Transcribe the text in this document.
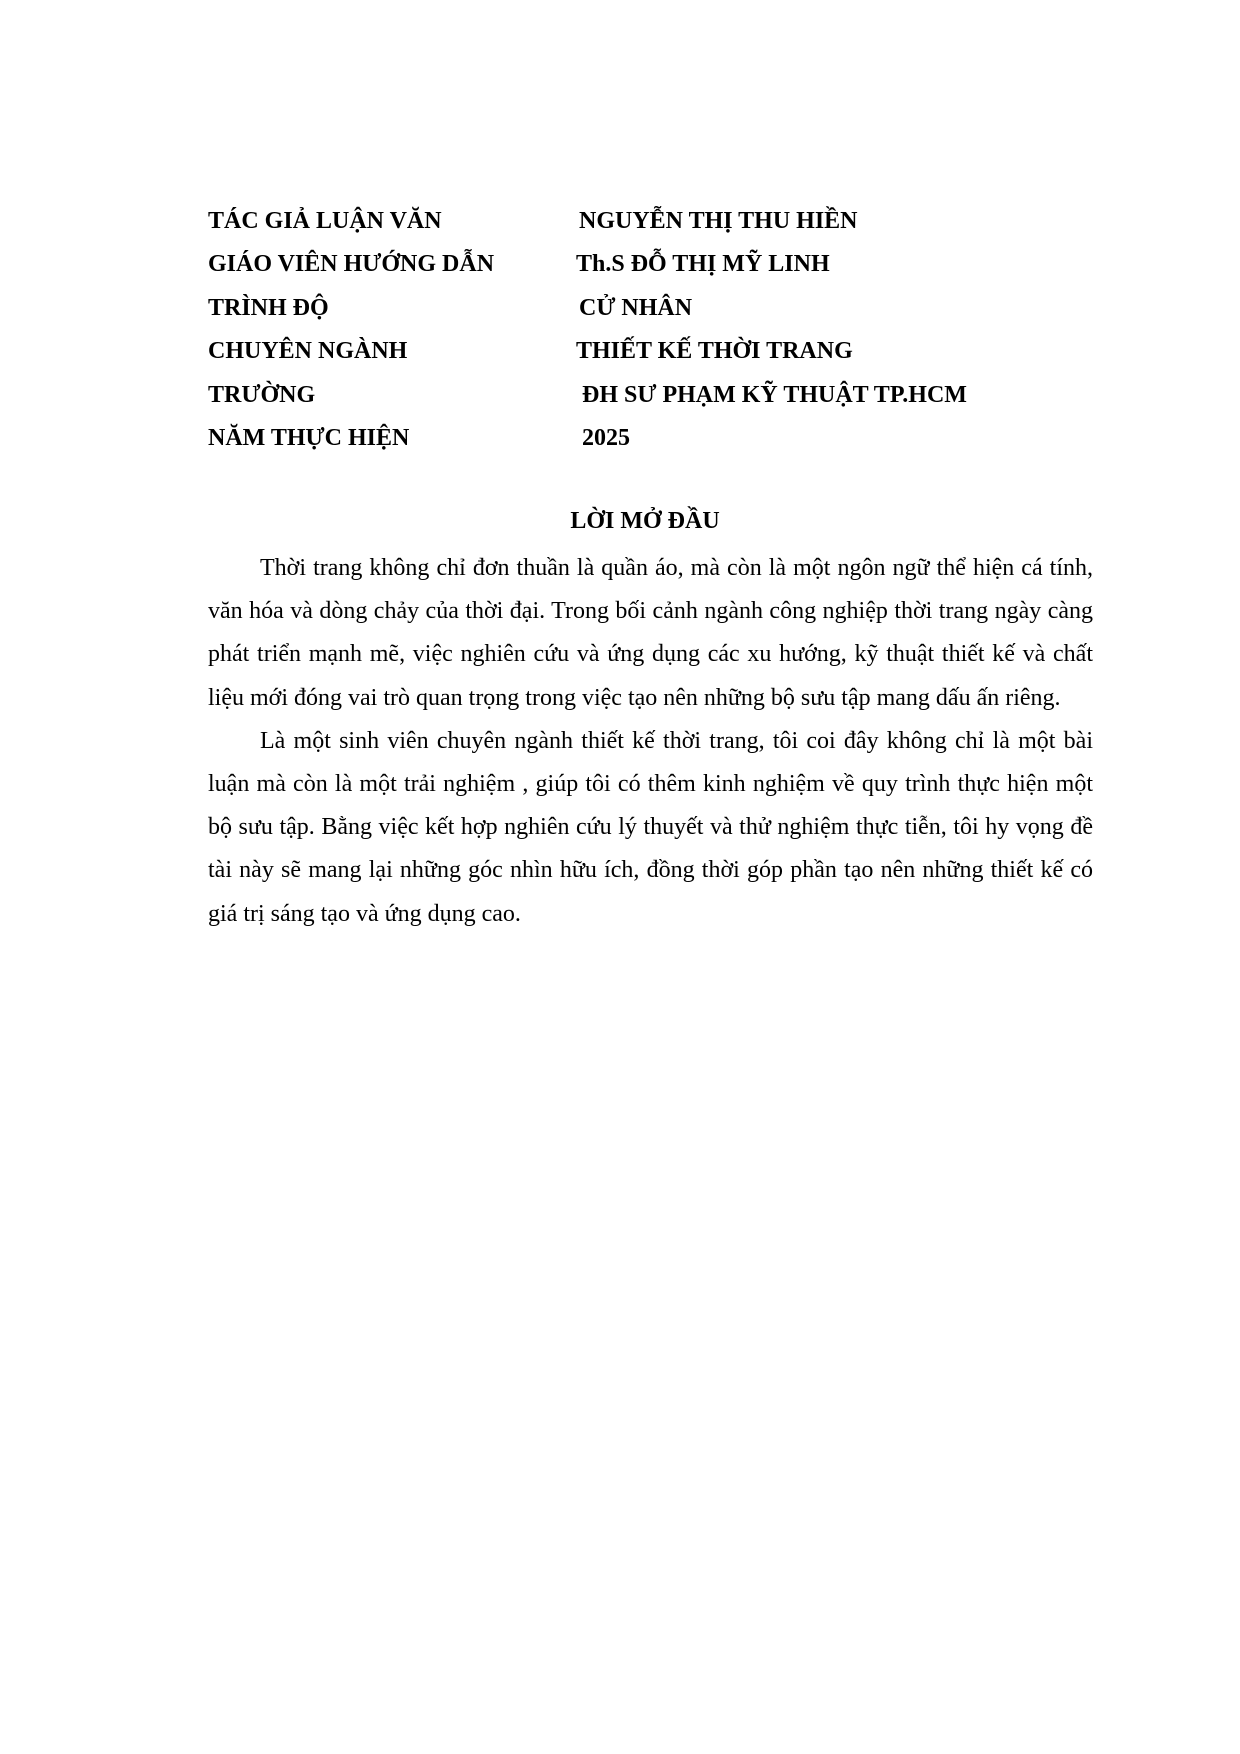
TÁC GIẢ LUẬN VĂN	NGUYỄN THỊ THU HIỀN
GIÁO VIÊN HƯỚNG DẪN	Th.S ĐỖ THỊ MỸ LINH
TRÌNH ĐỘ	CỬ NHÂN
CHUYÊN NGÀNH	THIẾT KẾ THỜI TRANG
TRƯỜNG	ĐH SƯ PHẠM KỸ THUẬT TP.HCM
NĂM THỰC HIỆN	2025
LỜI MỞ ĐẦU

Thời trang không chỉ đơn thuần là quần áo, mà còn là một ngôn ngữ thể hiện cá tính, văn hóa và dòng chảy của thời đại. Trong bối cảnh ngành công nghiệp thời trang ngày càng phát triển mạnh mẽ, việc nghiên cứu và ứng dụng các xu hướng, kỹ thuật thiết kế và chất liệu mới đóng vai trò quan trọng trong việc tạo nên những bộ sưu tập mang dấu ấn riêng.

Là một sinh viên chuyên ngành thiết kế thời trang, tôi coi đây không chỉ là một bài luận mà còn là một trải nghiệm , giúp tôi có thêm kinh nghiệm về quy trình thực hiện một bộ sưu tập. Bằng việc kết hợp nghiên cứu lý thuyết và thử nghiệm thực tiễn, tôi hy vọng đề tài này sẽ mang lại những góc nhìn hữu ích, đồng thời góp phần tạo nên những thiết kế có giá trị sáng tạo và ứng dụng cao.
